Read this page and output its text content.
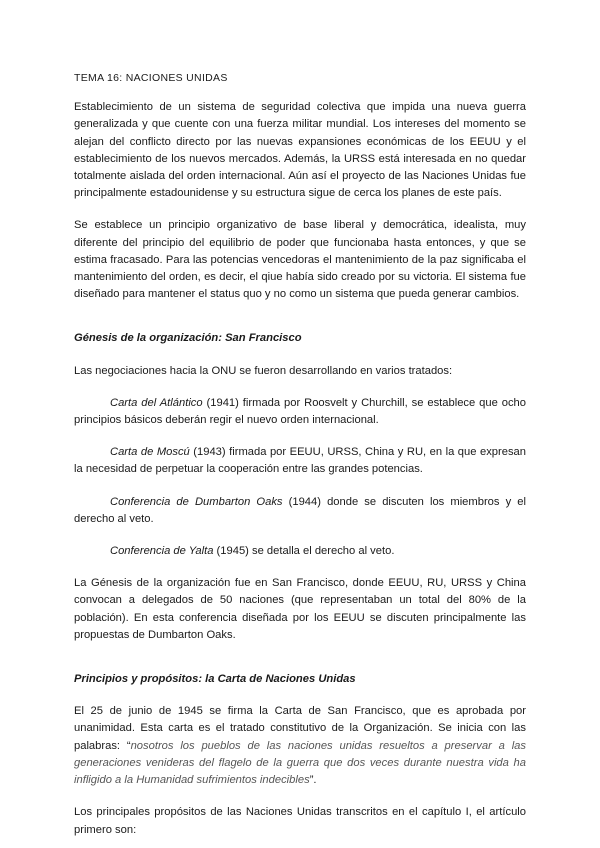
TEMA 16: NACIONES UNIDAS

Establecimiento de un sistema de seguridad colectiva que impida una nueva guerra generalizada y que cuente con una fuerza militar mundial. Los intereses del momento se alejan del conflicto directo por las nuevas expansiones económicas de los EEUU y el establecimiento de los nuevos mercados. Además, la URSS está interesada en no quedar totalmente aislada del orden internacional. Aún así el proyecto de las Naciones Unidas fue principalmente estadounidense y su estructura sigue de cerca los planes de este país.

Se establece un principio organizativo de base liberal y democrática, idealista, muy diferente del principio del equilibrio de poder que funcionaba hasta entonces, y que se estima fracasado. Para las potencias vencedoras el mantenimiento de la paz significaba el mantenimiento del orden, es decir, el qiue había sido creado por su victoria. El sistema fue diseñado para mantener el status quo y no como un sistema que pueda generar cambios.

Génesis de la organización: San Francisco

Las negociaciones hacia la ONU se fueron desarrollando en varios tratados:

Carta del Atlántico (1941) firmada por Roosvelt y Churchill, se establece que ocho principios básicos deberán regir el nuevo orden internacional.

Carta de Moscú (1943) firmada por EEUU, URSS, China y RU, en la que expresan la necesidad de perpetuar la cooperación entre las grandes potencias.

Conferencia de Dumbarton Oaks (1944) donde se discuten los miembros y el derecho al veto.

Conferencia de Yalta (1945) se detalla el derecho al veto.

La Génesis de la organización fue en San Francisco, donde EEUU, RU, URSS y China convocan a delegados de 50 naciones (que representaban un total del 80% de la población). En esta conferencia diseñada por los EEUU se discuten principalmente las propuestas de Dumbarton Oaks.

Principios y propósitos: la Carta de Naciones Unidas

El 25 de junio de 1945 se firma la Carta de San Francisco, que es aprobada por unanimidad. Esta carta es el tratado constitutivo de la Organización. Se inicia con las palabras: “nosotros los pueblos de las naciones unidas resueltos a preservar a las generaciones venideras del flagelo de la guerra que dos veces durante nuestra vida ha infligido a la Humanidad sufrimientos indecibles”.

Los principales propósitos de las Naciones Unidas transcritos en el capítulo I, el artículo primero son:
